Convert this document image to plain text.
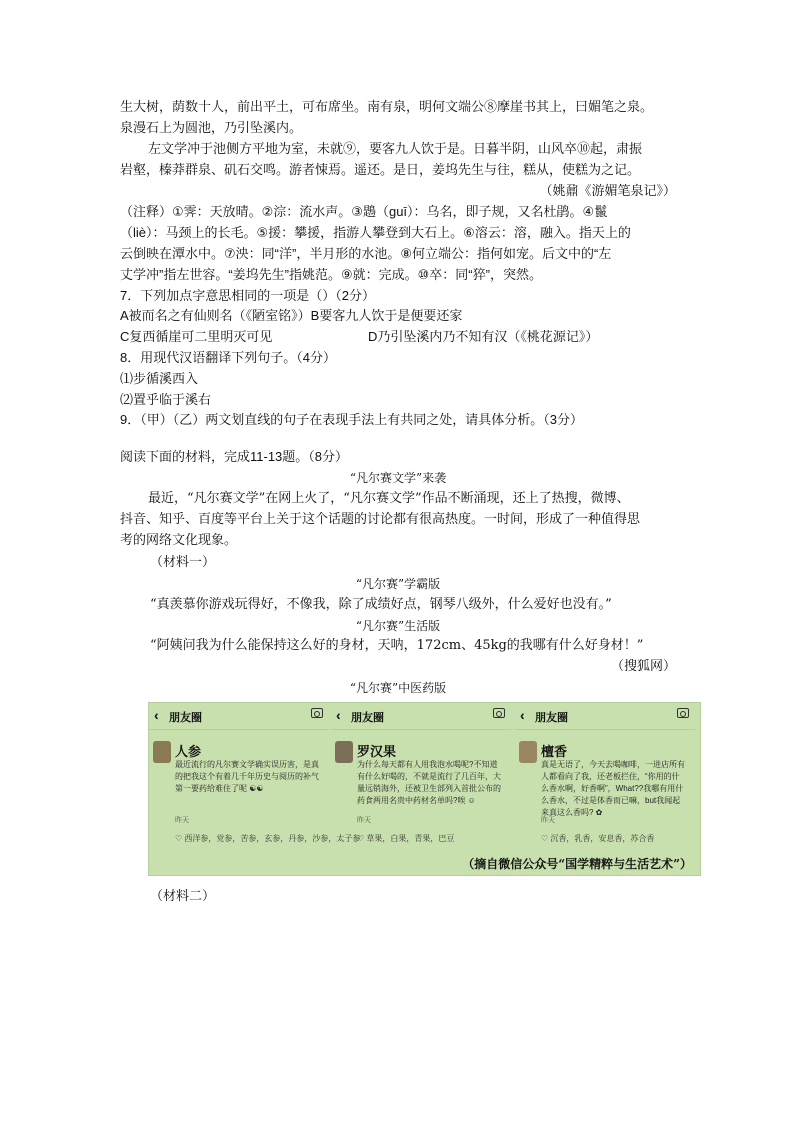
生大树，荫数十人，前出平土，可布席坐。南有泉，明何文端公⑧摩崖书其上，曰媚笔之泉。
泉漫石上为圆池，乃引坠溪内。
左文学冲于池侧方平地为室，未就⑨，要客九人饮于是。日暮半阴，山风卒⑩起，肃振
岩壑，榛莽群泉、矶石交鸣。游者悚焉。遥还。是日，姜坞先生与往，糕从，使糕为之记。
（姚鼐《游媚笔泉记》）
（注释）①霁：天放晴。②淙：流水声。③鶗（guī）：乌名，即子规，又名杜鹃。④鬣
（liè）：马颈上的长毛。⑤援：攀援，指游人攀登到大石上。⑥溶云：溶，融入。指天上的
云倒映在潭水中。⑦泱：同“洋”，半月形的水池。⑧何立端公：指何如宠。后文中的“左
丈学冲”指左世容。“姜坞先生”指姚范。⑨就：完成。⑩卒：同“猝”，突然。
7．下列加点字意思相同的一项是（）（2分）
A被而名之有仙则名（《陋室铭》）B要客九人饮于是便要还家
C复西循崖可二里明灭可见	D乃引坠溪内乃不知有汉（《桃花源记》）
8．用现代汉语翻译下列句子。（4分）
⑴步循溪西入
⑵置乎临于溪右
9．（甲）（乙）两文划直线的句子在表现手法上有共同之处，请具体分析。（3分）
阅读下面的材料，完成11-13题。（8分）
“凡尔赛文学”来袭
最近，“凡尔赛文学”在网上火了，“凡尔赛文学”作品不断涌现，还上了热搜，微博、
抖音、知乎、百度等平台上关于这个话题的讨论都有很高热度。一时间，形成了一种值得思
考的网络文化现象。
（材料一）
“凡尔赛”学霸版
“真羡慕你游戏玩得好，不像我，除了成绩好点，钢琴八级外，什么爱好也没有。”
“凡尔赛”生活版
“阿姨问我为什么能保持这么好的身材，天呐，172cm、45kg的我哪有什么好身材！”
（搜狐网）
“凡尔赛”中医药版
‹ 朋友圈
人参
最近流行的凡尔赛文学确实误历害，是真的把我这个有着几千年历史与阅历的补气第一要药给难住了呢 ☯☯
昨天
♡ 西洋参，党参，苦参，玄参，丹参，沙参，太子参
‹ 朋友圈
罗汉果
为什么每天都有人用我泡水喝呢?不知道有什么好喝的，不就是流行了几百年，大量远销海外，还被卫生部列入首批公布的药食两用名贵中药材名单吗?唉 ☺
昨天
♡ 草果，白果，青果，巴豆
‹ 朋友圈
檀香
真是无语了，今天去喝咖啡，一进店所有人都看向了我，还老板拦住，“你用的什么香水啊，好香啊”，What??我哪有用什么香水，不过是体香而已嘛，but我闻起来真这么香吗? ✿
昨天
♡ 沉香，乳香，安息香，苏合香
（摘自微信公众号“国学精粹与生活艺术”）
（材料二）
